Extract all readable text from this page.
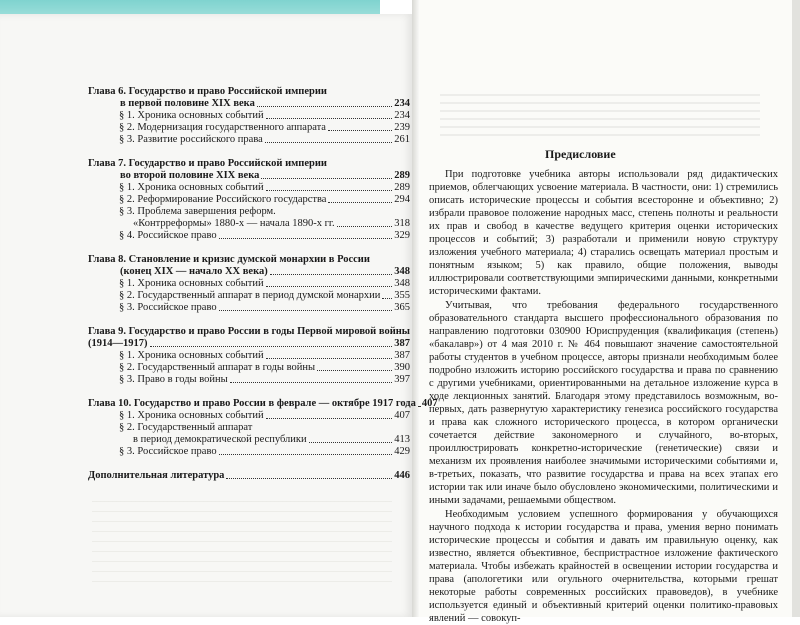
Глава 6. Государство и право Российской империи
в первой половине XIX века	234
§ 1. Хроника основных событий	234
§ 2. Модернизация государственного аппарата	239
§ 3. Развитие российского права	261
Глава 7. Государство и право Российской империи
во второй половине XIX века	289
§ 1. Хроника основных событий	289
§ 2. Реформирование Российского государства	294
§ 3. Проблема завершения реформ.
«Контрреформы» 1880-х — начала 1890-х гг.	318
§ 4. Российское право	329
Глава 8. Становление и кризис думской монархии в России
(конец XIX — начало XX века)	348
§ 1. Хроника основных событий	348
§ 2. Государственный аппарат в период думской монархии 355
§ 3. Российское право	365
Глава 9. Государство и право России в годы Первой мировой войны
(1914—1917)	387
§ 1. Хроника основных событий	387
§ 2. Государственный аппарат в годы войны	390
§ 3. Право в годы войны	397
Глава 10. Государство и право России в феврале — октябре 1917 года 407
§ 1. Хроника основных событий	407
§ 2. Государственный аппарат
в период демократической республики	413
§ 3. Российское право	429
Дополнительная литература	446
Предисловие

При подготовке учебника авторы использовали ряд дидактических приемов, облегчающих усвоение материала. В частности, они: 1) стремились описать исторические процессы и события всесторонне и объективно; 2) избрали правовое положение народных масс, степень полноты и реальности их прав и свобод в качестве ведущего критерия оценки исторических процессов и событий; 3) разработали и применили новую структуру изложения учебного материала; 4) старались освещать материал простым и понятным языком; 5) как правило, общие положения, выводы иллюстрировали соответствующими эмпирическими данными, конкретными историческими фактами.

Учитывая, что требования федерального государственного образовательного стандарта высшего профессионального образования по направлению подготовки 030900 Юриспруденция (квалификация (степень) «бакалавр») от 4 мая 2010 г. № 464 повышают значение самостоятельной работы студентов в учебном процессе, авторы признали необходимым более подробно изложить историю российского государства и права по сравнению с другими учебниками, ориентированными на детальное изложение курса в ходе лекционных занятий. Благодаря этому представилось возможным, во-первых, дать развернутую характеристику генезиса российского государства и права как сложного исторического процесса, в котором органически сочетается действие закономерного и случайного, во-вторых, проиллюстрировать конкретно-исторические (генетические) связи и механизм их проявления наиболее значимыми историческими событиями и, в-третьих, показать, что развитие государства и права на всех этапах его истории так или иначе было обусловлено экономическими, политическими и иными задачами, решаемыми обществом.

Необходимым условием успешного формирования у обучающихся научного подхода к истории государства и права, умения верно понимать исторические процессы и события и давать им правильную оценку, как известно, является объективное, беспристрастное изложение фактического материала. Чтобы избежать крайностей в освещении истории государства и права (апологетики или огульного очернительства, которыми грешат некоторые работы современных российских правоведов), в учебнике используется единый и объективный критерий оценки политико-правовых явлений — совокуп-
